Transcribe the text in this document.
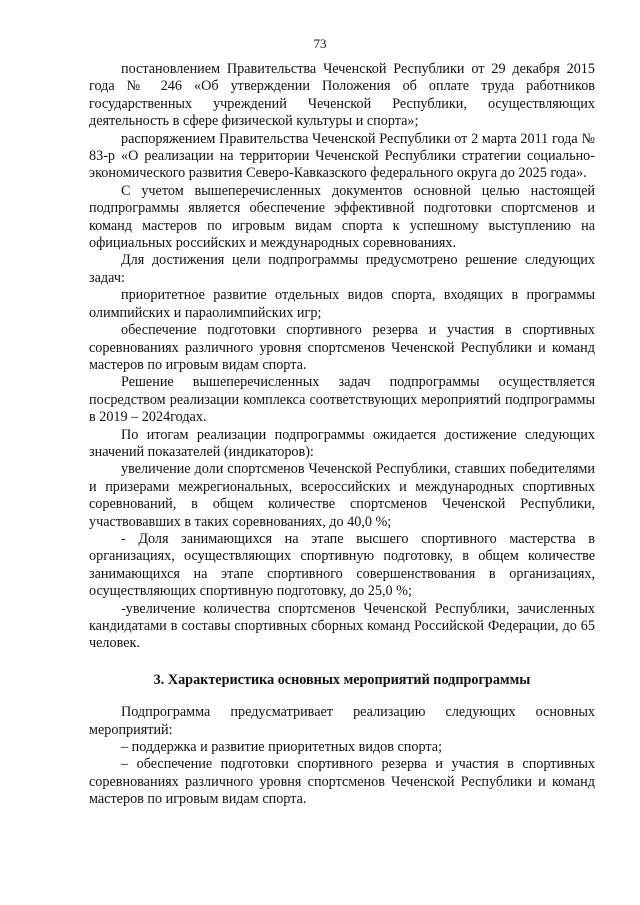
73

постановлением Правительства Чеченской Республики от 29 декабря 2015 года № 246 «Об утверждении Положения об оплате труда работников государственных учреждений Чеченской Республики, осуществляющих деятельность в сфере физической культуры и спорта»;

распоряжением Правительства Чеченской Республики от 2 марта 2011 года № 83-р «О реализации на территории Чеченской Республики стратегии социально-экономического развития Северо-Кавказского федерального округа до 2025 года».

С учетом вышеперечисленных документов основной целью настоящей подпрограммы является обеспечение эффективной подготовки спортсменов и команд мастеров по игровым видам спорта к успешному выступлению на официальных российских и международных соревнованиях.

Для достижения цели подпрограммы предусмотрено решение следующих задач:

приоритетное развитие отдельных видов спорта, входящих в программы олимпийских и параолимпийских игр;

обеспечение подготовки спортивного резерва и участия в спортивных соревнованиях различного уровня спортсменов Чеченской Республики и команд мастеров по игровым видам спорта.

Решение вышеперечисленных задач подпрограммы осуществляется посредством реализации комплекса соответствующих мероприятий подпрограммы в 2019 – 2024годах.

По итогам реализации подпрограммы ожидается достижение следующих значений показателей (индикаторов):

увеличение доли спортсменов Чеченской Республики, ставших победителями и призерами межрегиональных, всероссийских и международных спортивных соревнований, в общем количестве спортсменов Чеченской Республики, участвовавших в таких соревнованиях, до 40,0 %;

- Доля занимающихся на этапе высшего спортивного мастерства в организациях, осуществляющих спортивную подготовку, в общем количестве занимающихся на этапе спортивного совершенствования в организациях, осуществляющих спортивную подготовку, до 25,0 %;

-увеличение количества спортсменов Чеченской Республики, зачисленных кандидатами в составы спортивных сборных команд Российской Федерации, до 65 человек.

3. Характеристика основных мероприятий подпрограммы

Подпрограмма предусматривает реализацию следующих основных мероприятий:

– поддержка и развитие приоритетных видов спорта;

– обеспечение подготовки спортивного резерва и участия в спортивных соревнованиях различного уровня спортсменов Чеченской Республики и команд мастеров по игровым видам спорта.
